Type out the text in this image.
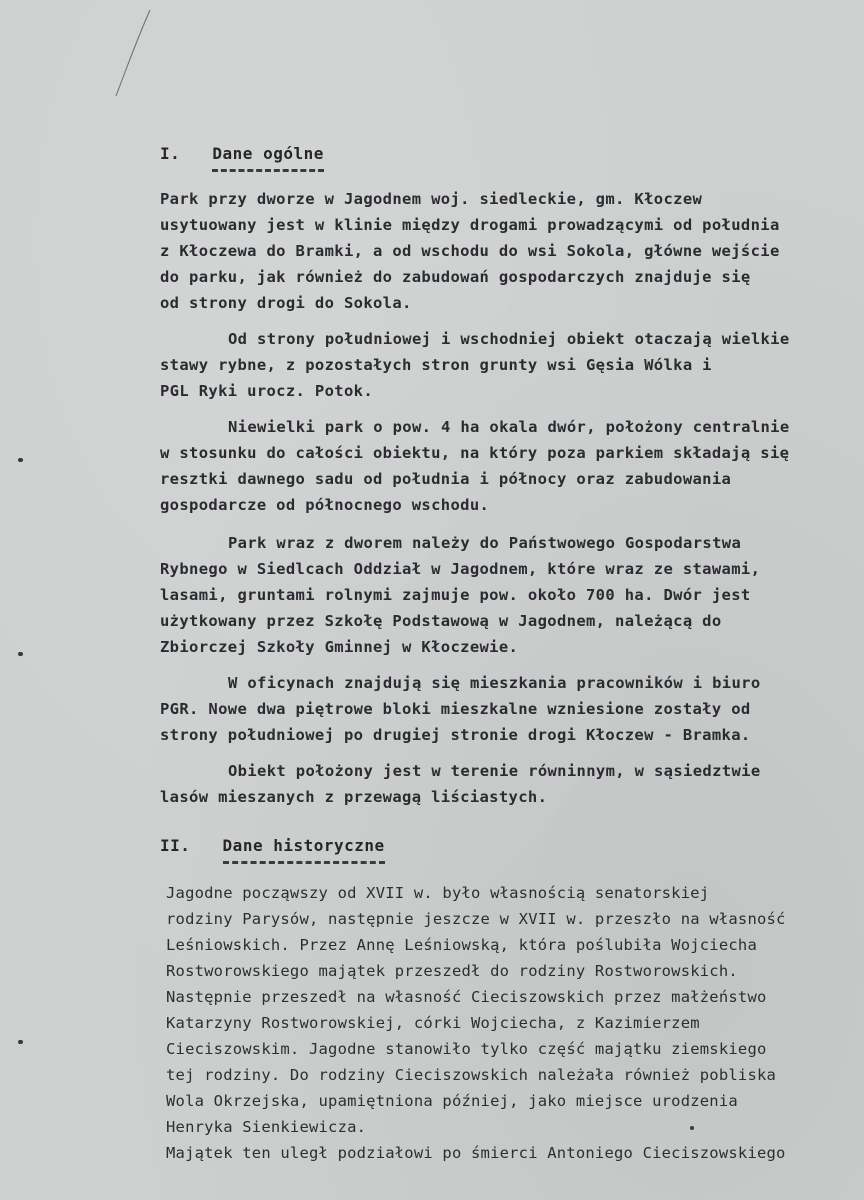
I. Dane ogólne
Park przy dworze w Jagodnem woj. siedleckie, gm. Kłoczew
usytuowany jest w klinie między drogami prowadzącymi od południa
z Kłoczewa do Bramki, a od wschodu do wsi Sokola, główne wejście
do parku, jak również do zabudowań gospodarczych znajduje się
od strony drogi do Sokola.
Od strony południowej i wschodniej obiekt otaczają wielkie
stawy rybne, z pozostałych stron grunty wsi Gęsia Wólka i
PGL Ryki urocz. Potok.
Niewielki park o pow. 4 ha okala dwór, położony centralnie
w stosunku do całości obiektu, na który poza parkiem składają się
resztki dawnego sadu od południa i północy oraz zabudowania
gospodarcze od północnego wschodu.
Park wraz z dworem należy do Państwowego Gospodarstwa
Rybnego w Siedlcach Oddział w Jagodnem, które wraz ze stawami,
lasami, gruntami rolnymi zajmuje pow. około 700 ha. Dwór jest
użytkowany przez Szkołę Podstawową w Jagodnem, należącą do
Zbiorczej Szkoły Gminnej w Kłoczewie.
W oficynach znajdują się mieszkania pracowników i biuro
PGR. Nowe dwa piętrowe bloki mieszkalne wzniesione zostały od
strony południowej po drugiej stronie drogi Kłoczew - Bramka.
Obiekt położony jest w terenie równinnym, w sąsiedztwie
lasów mieszanych z przewagą liściastych.
II. Dane historyczne
Jagodne począwszy od XVII w. było własnością senatorskiej
rodziny Parysów, następnie jeszcze w XVII w. przeszło na własność
Leśniowskich. Przez Annę Leśniowską, która poślubiła Wojciecha
Rostworowskiego majątek przeszedł do rodziny Rostworowskich.
Następnie przeszedł na własność Cieciszowskich przez małżeństwo
Katarzyny Rostworowskiej, córki Wojciecha, z Kazimierzem
Cieciszowskim. Jagodne stanowiło tylko część majątku ziemskiego
tej rodziny. Do rodziny Cieciszowskich należała również pobliska
Wola Okrzejska, upamiętniona później, jako miejsce urodzenia
Henryka Sienkiewicza.
Majątek ten uległ podziałowi po śmierci Antoniego Cieciszowskiego
